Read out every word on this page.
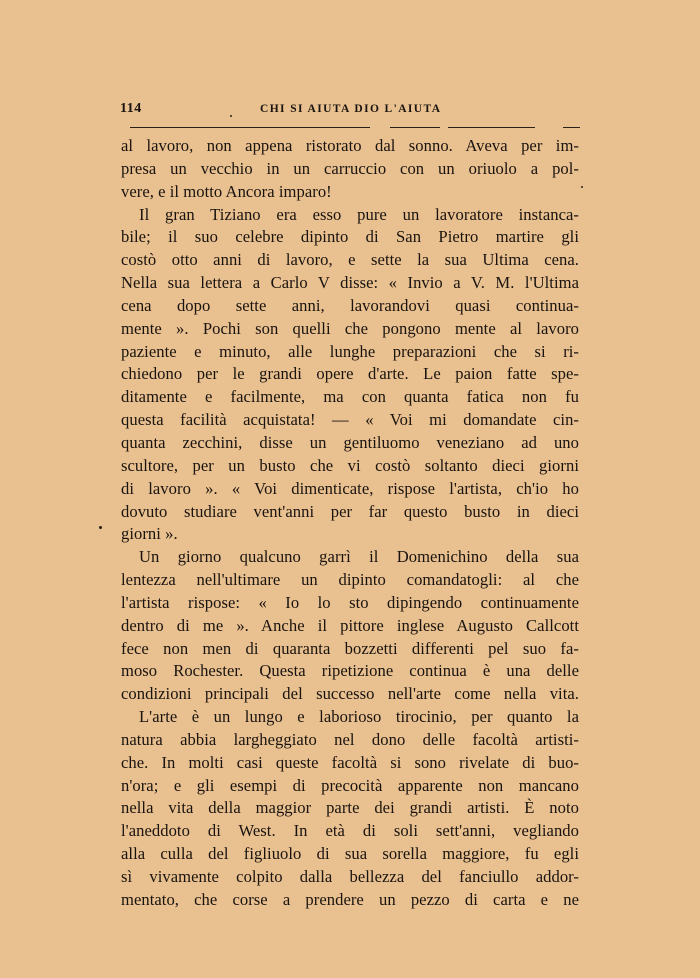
114	CHI SI AIUTA DIO L'AIUTA
al lavoro, non appena ristorato dal sonno. Aveva per im-
presa un vecchio in un carruccio con un oriuolo a pol-
vere, e il motto Ancora imparo!
Il gran Tiziano era esso pure un lavoratore instanca-
bile; il suo celebre dipinto di San Pietro martire gli
costò otto anni di lavoro, e sette la sua Ultima cena.
Nella sua lettera a Carlo V disse: « Invio a V. M. l'Ultima
cena dopo sette anni, lavorandovi quasi continua-
mente ». Pochi son quelli che pongono mente al lavoro
paziente e minuto, alle lunghe preparazioni che si ri-
chiedono per le grandi opere d'arte. Le paion fatte spe-
ditamente e facilmente, ma con quanta fatica non fu
questa facilità acquistata! — « Voi mi domandate cin-
quanta zecchini, disse un gentiluomo veneziano ad uno
scultore, per un busto che vi costò soltanto dieci giorni
di lavoro ». « Voi dimenticate, rispose l'artista, ch'io ho
dovuto studiare vent'anni per far questo busto in dieci
giorni ».
Un giorno qualcuno garrì il Domenichino della sua
lentezza nell'ultimare un dipinto comandatogli: al che
l'artista rispose: « Io lo sto dipingendo continuamente
dentro di me ». Anche il pittore inglese Augusto Callcott
fece non men di quaranta bozzetti differenti pel suo fa-
moso Rochester. Questa ripetizione continua è una delle
condizioni principali del successo nell'arte come nella vita.
L'arte è un lungo e laborioso tirocinio, per quanto la
natura abbia largheggiato nel dono delle facoltà artisti-
che. In molti casi queste facoltà si sono rivelate di buo-
n'ora; e gli esempi di precocità apparente non mancano
nella vita della maggior parte dei grandi artisti. È noto
l'aneddoto di West. In età di soli sett'anni, vegliando
alla culla del figliuolo di sua sorella maggiore, fu egli
sì vivamente colpito dalla bellezza del fanciullo addor-
mentato, che corse a prendere un pezzo di carta e ne
